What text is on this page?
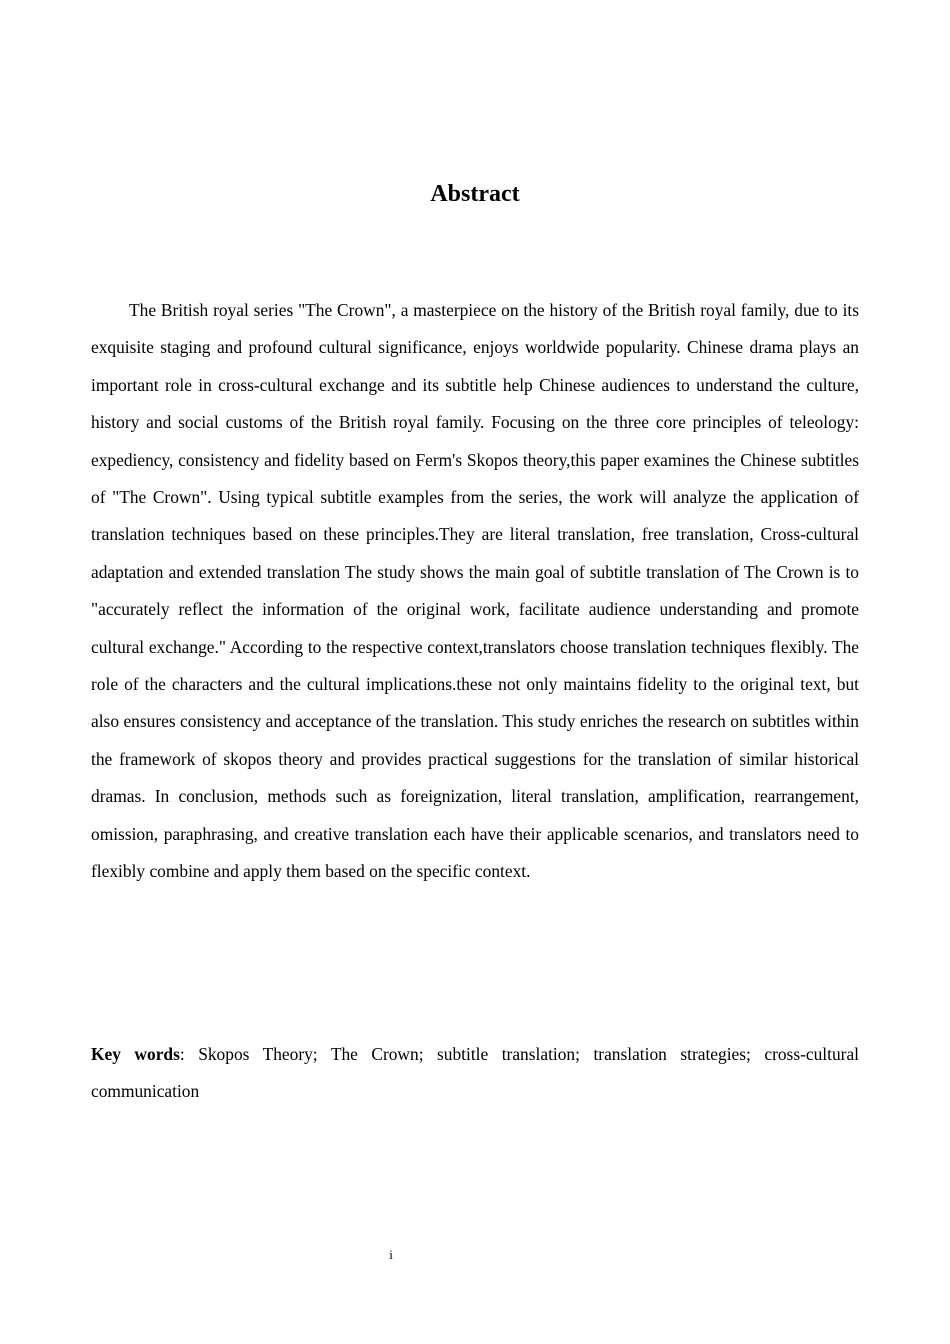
Abstract

The British royal series "The Crown", a masterpiece on the history of the British royal family, due to its exquisite staging and profound cultural significance, enjoys worldwide popularity. Chinese drama plays an important role in cross-cultural exchange and its subtitle help Chinese audiences to understand the culture, history and social customs of the British royal family. Focusing on the three core principles of teleology: expediency, consistency and fidelity based on Ferm's Skopos theory,this paper examines the Chinese subtitles of "The Crown". Using typical subtitle examples from the series, the work will analyze the application of translation techniques based on these principles.They are literal translation, free translation, Cross-cultural adaptation and extended translation The study shows the main goal of subtitle translation of The Crown is to "accurately reflect the information of the original work, facilitate audience understanding and promote cultural exchange." According to the respective context,translators choose translation techniques flexibly. The role of the characters and the cultural implications.these not only maintains fidelity to the original text, but also ensures consistency and acceptance of the translation. This study enriches the research on subtitles within the framework of skopos theory and provides practical suggestions for the translation of similar historical dramas. In conclusion, methods such as foreignization, literal translation, amplification, rearrangement, omission, paraphrasing, and creative translation each have their applicable scenarios, and translators need to flexibly combine and apply them based on the specific context.

Key words: Skopos Theory; The Crown; subtitle translation; translation strategies; cross-cultural communication

i
